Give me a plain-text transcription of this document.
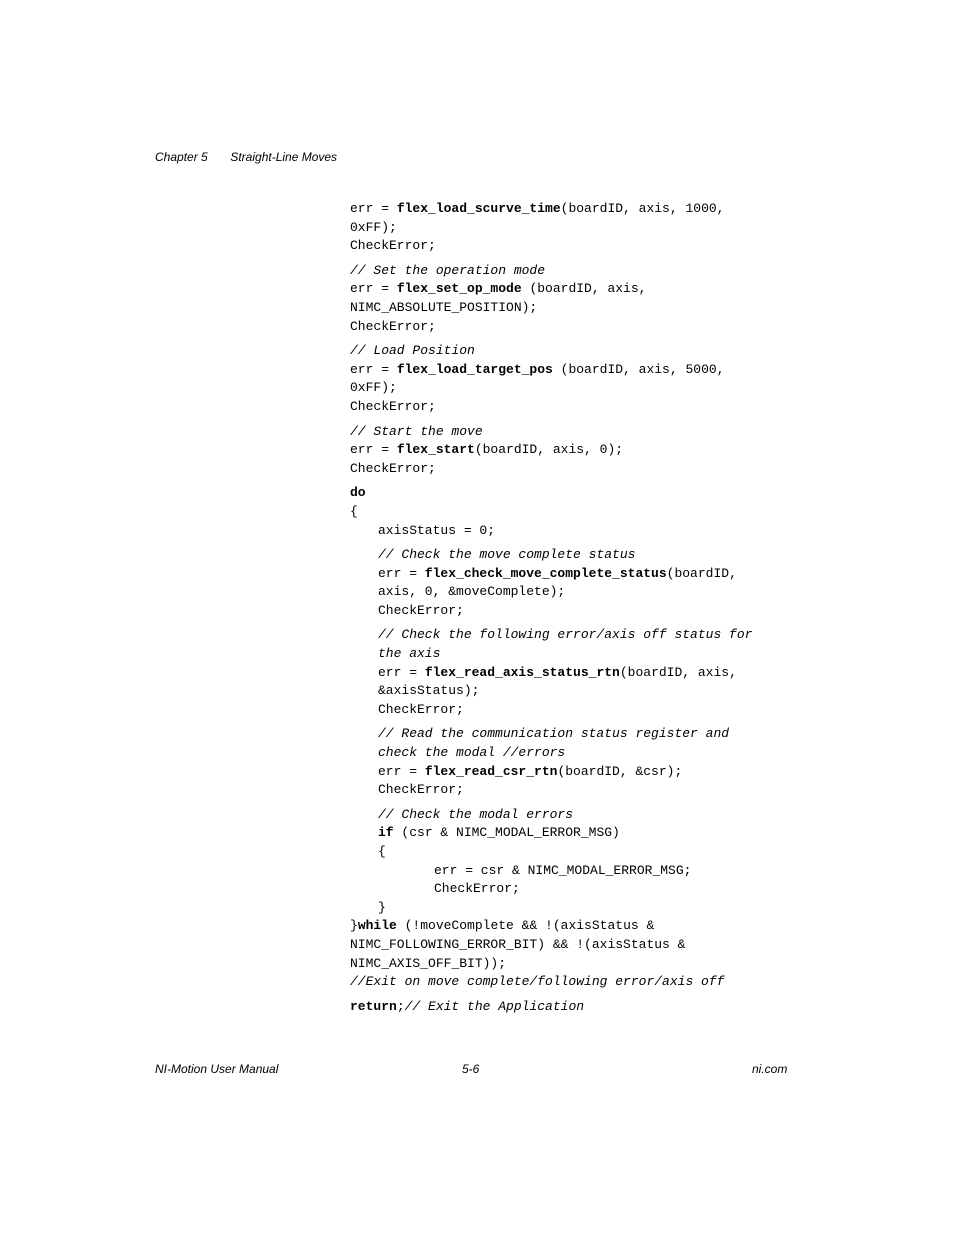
Chapter 5 Straight-Line Moves
err = flex_load_scurve_time(boardID, axis, 1000,
0xFF);
CheckError;
// Set the operation mode
err = flex_set_op_mode (boardID, axis,
NIMC_ABSOLUTE_POSITION);
CheckError;
// Load Position
err = flex_load_target_pos (boardID, axis, 5000,
0xFF);
CheckError;
// Start the move
err = flex_start(boardID, axis, 0);
CheckError;
do
{
axisStatus = 0;
// Check the move complete status
err = flex_check_move_complete_status(boardID,
axis, 0, &moveComplete);
CheckError;
// Check the following error/axis off status for
the axis
err = flex_read_axis_status_rtn(boardID, axis,
&axisStatus);
CheckError;
// Read the communication status register and
check the modal //errors
err = flex_read_csr_rtn(boardID, &csr);
CheckError;
// Check the modal errors
if (csr & NIMC_MODAL_ERROR_MSG)
{
err = csr & NIMC_MODAL_ERROR_MSG;
CheckError;
}
}while (!moveComplete && !(axisStatus &
NIMC_FOLLOWING_ERROR_BIT) && !(axisStatus &
NIMC_AXIS_OFF_BIT));
//Exit on move complete/following error/axis off
return;// Exit the Application
NI-Motion User Manual	5-6	ni.com
